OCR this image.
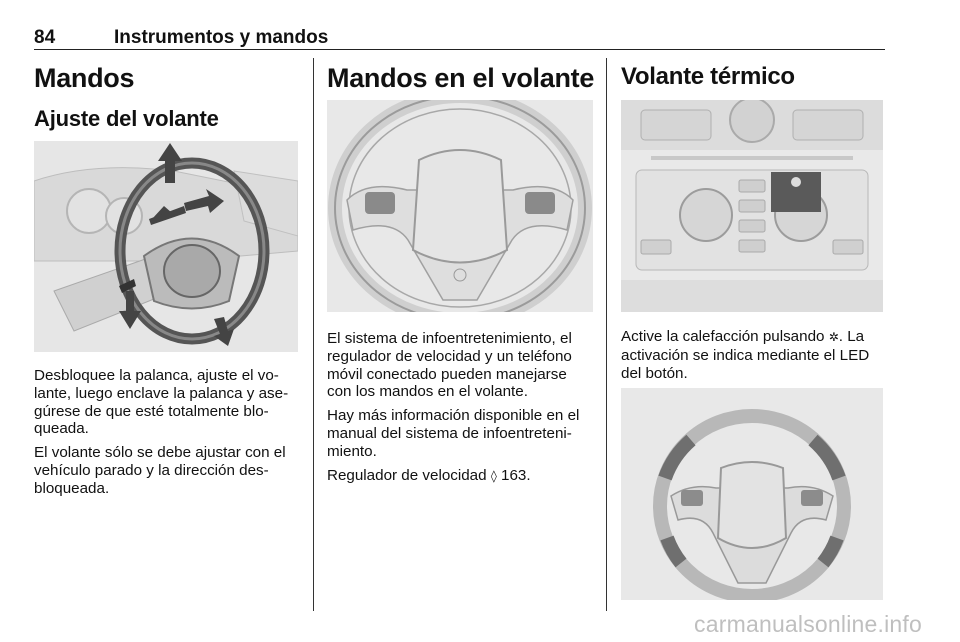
84	Instrumentos y mandos
Mandos
Ajuste del volante

Desbloquee la palanca, ajuste el volante, luego enclave la palanca y asegúrese de que esté totalmente bloqueada.

El volante sólo se debe ajustar con el vehículo parado y la dirección desbloqueada.

Mandos en el volante

El sistema de infoentretenimiento, el regulador de velocidad y un teléfono móvil conectado pueden manejarse con los mandos en el volante.

Hay más información disponible en el manual del sistema de infoentretenimiento.

Regulador de velocidad ◊ 163.

Volante térmico

Active la calefacción pulsando ✲. La activación se indica mediante el LED del botón.

carmanualsonline.info
